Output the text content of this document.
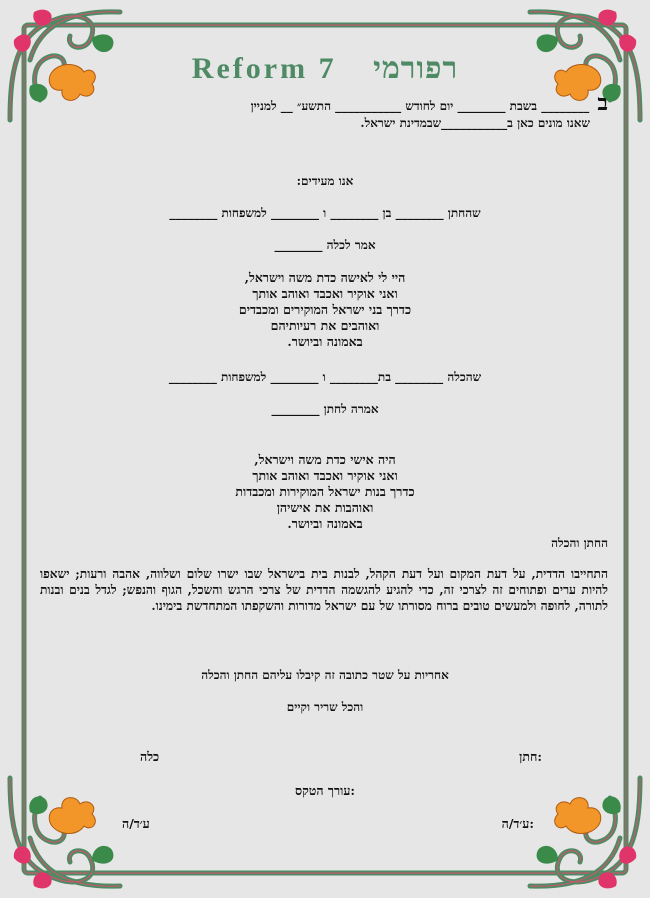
Reform 7 רפורמי
ב ________ בשבת ________ יום לחודש ___________ התשע״ __ למניין
שאנו מונים כאן ב___________שבמדינת ישראל.
אנו מעידים:
שהחתן ________ בן ________ ו ________ למשפחות ________
אמר לכלה ________
היי לי לאישה כדת משה וישראל,
ואני אוקיר ואכבד ואוהב אותך
כדרך בני ישראל המוקירים ומכבדים
ואוהבים את רעיותיהם
באמונה וביושר.
שהכלה ________ בת________ ו ________ למשפחות ________
אמרה לחתן ________
היה אישי כדת משה וישראל,
ואני אוקיר ואכבד ואוהב אותך
כדרך בנות ישראל המוקירות ומכבדות
ואוהבות את אישיהן
באמונה וביושר.
החתן והכלה
התחייבו הדדית, על דעת המקום ועל דעת הקהל, לבנות בית בישראל שבו ישרו שלום ושלווה, אהבה ורעות; ישאפו להיות ערים ופתוחים זה לצרכי זה, כדי להגיע להגשמה הדדית של צרכי הרגש והשכל, הגוף והנפש; לגדל בנים ובנות לתורה, לחופה ולמעשים טובים ברוח מסורתו של עם ישראל מדורות והשקפתו המתחדשת בימינו.
אחריות על שטר כתובה זה קיבלו עליהם החתן והכלה
והכל שריר וקיים
:חתן
כלה
:עורך הטקס
:ע׳ד/ה
ע׳ד/ה
